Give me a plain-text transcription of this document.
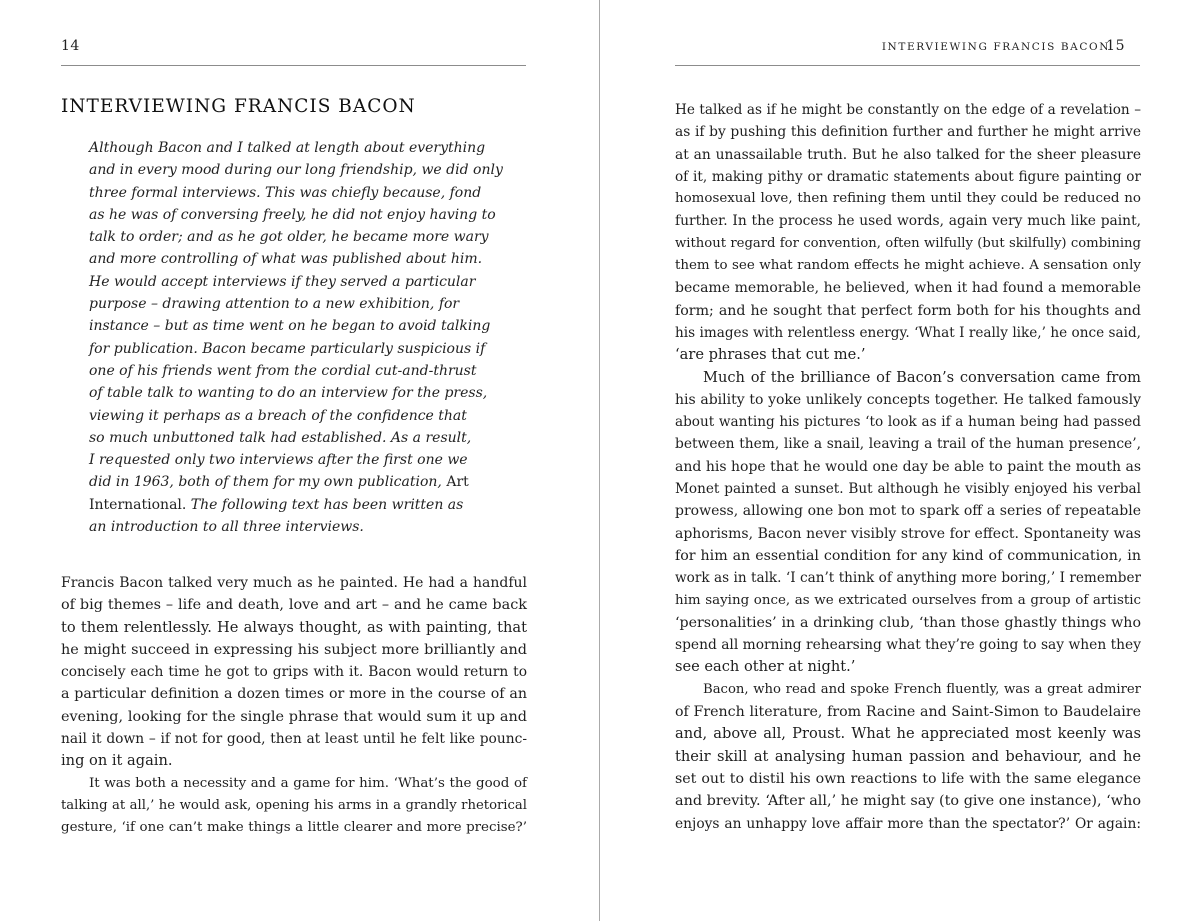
14
INTERVIEWING FRANCIS BACON
Although Bacon and I talked at length about everything
and in every mood during our long friendship, we did only
three formal interviews. This was chiefly because, fond
as he was of conversing freely, he did not enjoy having to
talk to order; and as he got older, he became more wary
and more controlling of what was published about him.
He would accept interviews if they served a particular
purpose – drawing attention to a new exhibition, for
instance – but as time went on he began to avoid talking
for publication. Bacon became particularly suspicious if
one of his friends went from the cordial cut-and-thrust
of table talk to wanting to do an interview for the press,
viewing it perhaps as a breach of the confidence that
so much unbuttoned talk had established. As a result,
I requested only two interviews after the first one we
did in 1963, both of them for my own publication, Art
International. The following text has been written as
an introduction to all three interviews.
Francis Bacon talked very much as he painted. He had a handful
of big themes – life and death, love and art – and he came back
to them relentlessly. He always thought, as with painting, that
he might succeed in expressing his subject more brilliantly and
concisely each time he got to grips with it. Bacon would return to
a particular definition a dozen times or more in the course of an
evening, looking for the single phrase that would sum it up and
nail it down – if not for good, then at least until he felt like pounc-
ing on it again.
It was both a necessity and a game for him. ‘What’s the good of
talking at all,’ he would ask, opening his arms in a grandly rhetorical
gesture, ‘if one can’t make things a little clearer and more precise?’
INTERVIEWING FRANCIS BACON
15
He talked as if he might be constantly on the edge of a revelation –
as if by pushing this definition further and further he might arrive
at an unassailable truth. But he also talked for the sheer pleasure
of it, making pithy or dramatic statements about figure painting or
homosexual love, then refining them until they could be reduced no
further. In the process he used words, again very much like paint,
without regard for convention, often wilfully (but skilfully) combining
them to see what random effects he might achieve. A sensation only
became memorable, he believed, when it had found a memorable
form; and he sought that perfect form both for his thoughts and
his images with relentless energy. ‘What I really like,’ he once said,
‘are phrases that cut me.’
Much of the brilliance of Bacon’s conversation came from
his ability to yoke unlikely concepts together. He talked famously
about wanting his pictures ‘to look as if a human being had passed
between them, like a snail, leaving a trail of the human presence’,
and his hope that he would one day be able to paint the mouth as
Monet painted a sunset. But although he visibly enjoyed his verbal
prowess, allowing one bon mot to spark off a series of repeatable
aphorisms, Bacon never visibly strove for effect. Spontaneity was
for him an essential condition for any kind of communication, in
work as in talk. ‘I can’t think of anything more boring,’ I remember
him saying once, as we extricated ourselves from a group of artistic
‘personalities’ in a drinking club, ‘than those ghastly things who
spend all morning rehearsing what they’re going to say when they
see each other at night.’
Bacon, who read and spoke French fluently, was a great admirer
of French literature, from Racine and Saint-Simon to Baudelaire
and, above all, Proust. What he appreciated most keenly was
their skill at analysing human passion and behaviour, and he
set out to distil his own reactions to life with the same elegance
and brevity. ‘After all,’ he might say (to give one instance), ‘who
enjoys an unhappy love affair more than the spectator?’ Or again:
